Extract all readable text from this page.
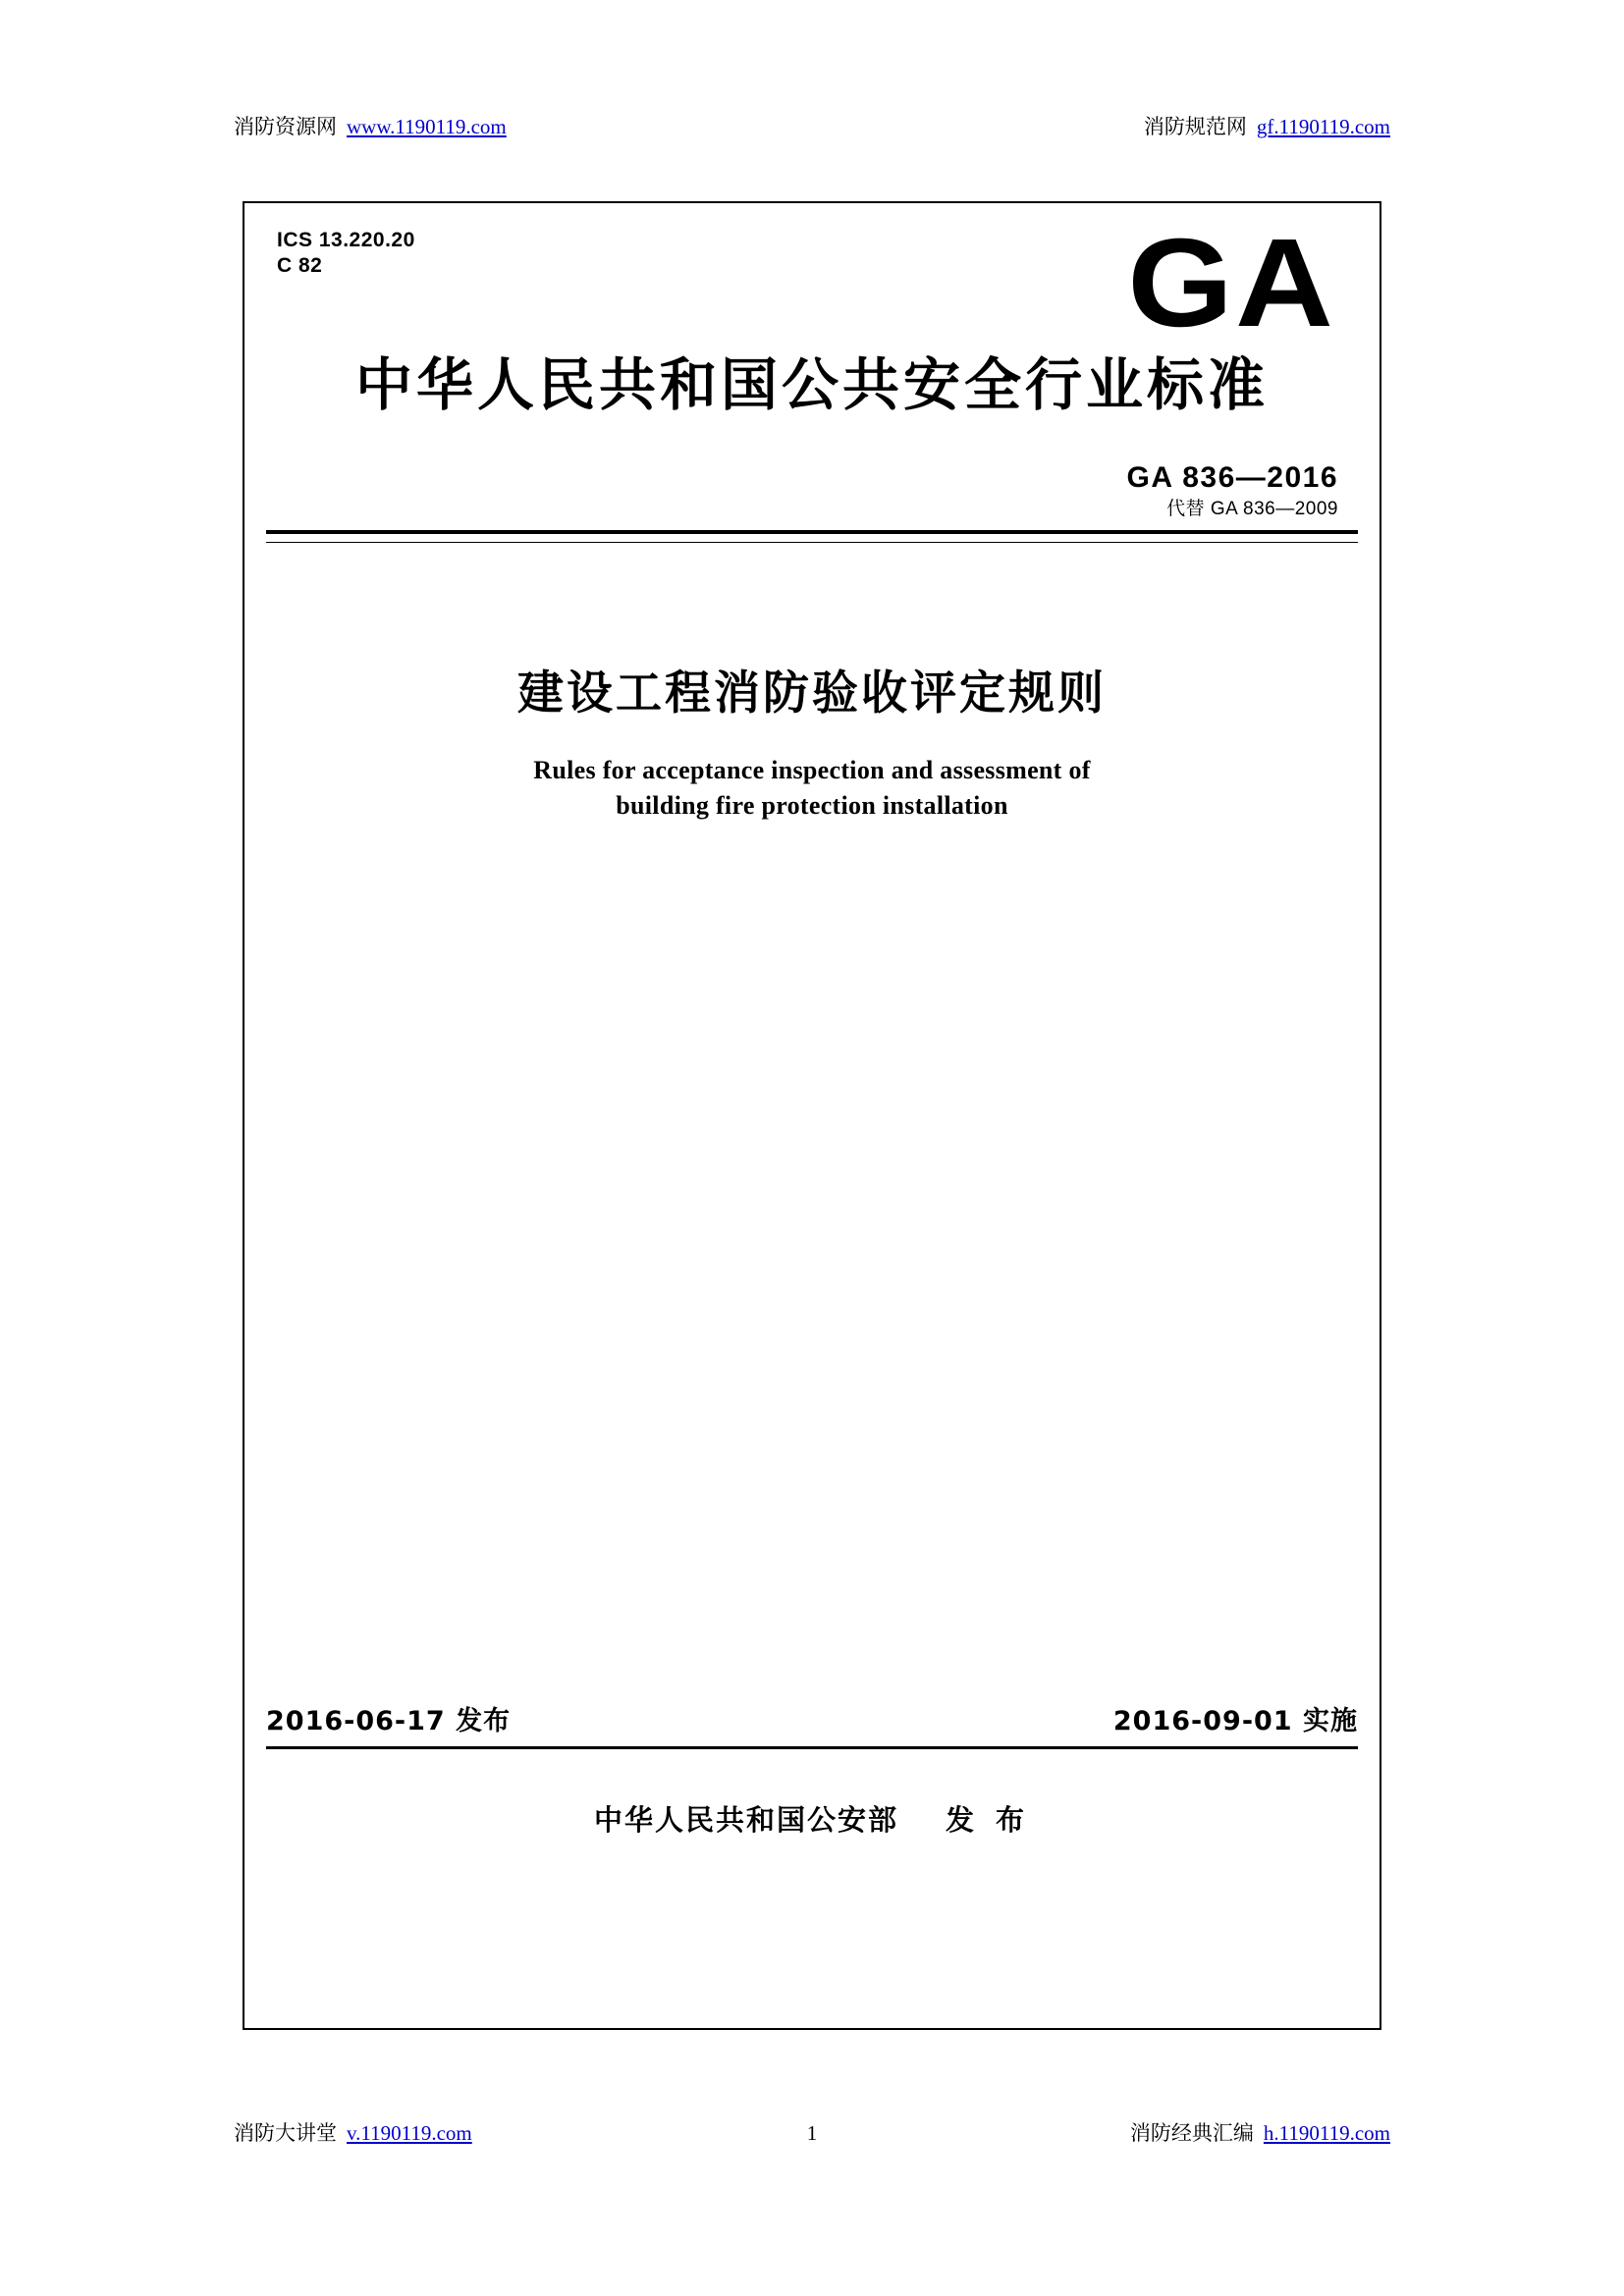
消防资源网 www.1190119.com	消防规范网 gf.1190119.com
ICS 13.220.20
C 82	GA
中华人民共和国公共安全行业标准
GA 836—2016
代替 GA 836—2009
建设工程消防验收评定规则
Rules for acceptance inspection and assessment of
building fire protection installation
2016-06-17 发布	2016-09-01 实施
中华人民共和国公安部 发 布
消防大讲堂 v.1190119.com	1	消防经典汇编 h.1190119.com
